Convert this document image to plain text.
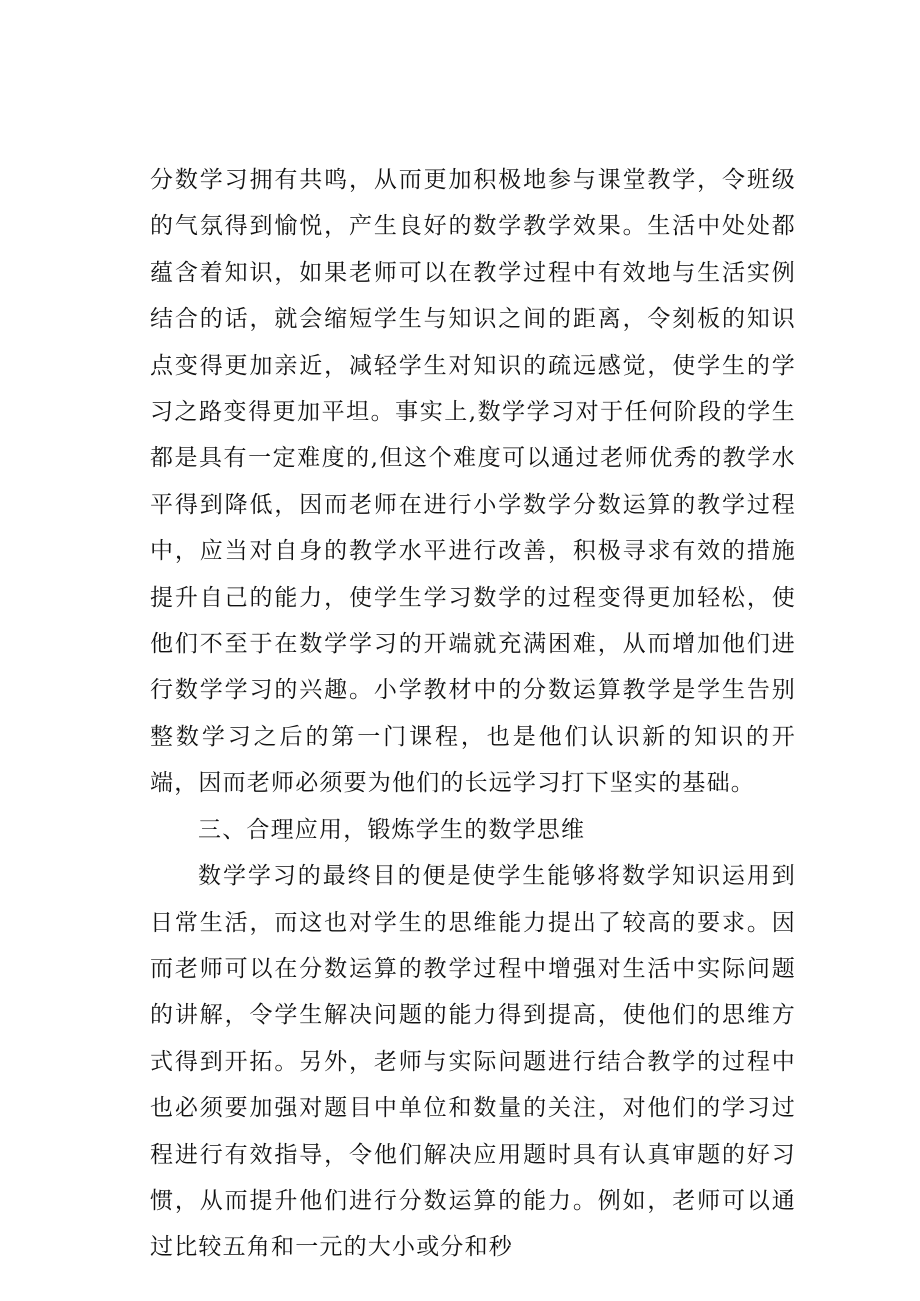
分数学习拥有共鸣，从而更加积极地参与课堂教学，令班级的气氛得到愉悦，产生良好的数学教学效果。生活中处处都蕴含着知识，如果老师可以在教学过程中有效地与生活实例结合的话，就会缩短学生与知识之间的距离，令刻板的知识点变得更加亲近，减轻学生对知识的疏远感觉，使学生的学习之路变得更加平坦。事实上,数学学习对于任何阶段的学生都是具有一定难度的,但这个难度可以通过老师优秀的教学水平得到降低，因而老师在进行小学数学分数运算的教学过程中，应当对自身的教学水平进行改善，积极寻求有效的措施提升自己的能力，使学生学习数学的过程变得更加轻松，使他们不至于在数学学习的开端就充满困难，从而增加他们进行数学学习的兴趣。小学教材中的分数运算教学是学生告别整数学习之后的第一门课程，也是他们认识新的知识的开端，因而老师必须要为他们的长远学习打下坚实的基础。

三、合理应用，锻炼学生的数学思维

数学学习的最终目的便是使学生能够将数学知识运用到日常生活，而这也对学生的思维能力提出了较高的要求。因而老师可以在分数运算的教学过程中增强对生活中实际问题的讲解，令学生解决问题的能力得到提高，使他们的思维方式得到开拓。另外，老师与实际问题进行结合教学的过程中也必须要加强对题目中单位和数量的关注，对他们的学习过程进行有效指导，令他们解决应用题时具有认真审题的好习惯，从而提升他们进行分数运算的能力。例如，老师可以通过比较五角和一元的大小或分和秒
